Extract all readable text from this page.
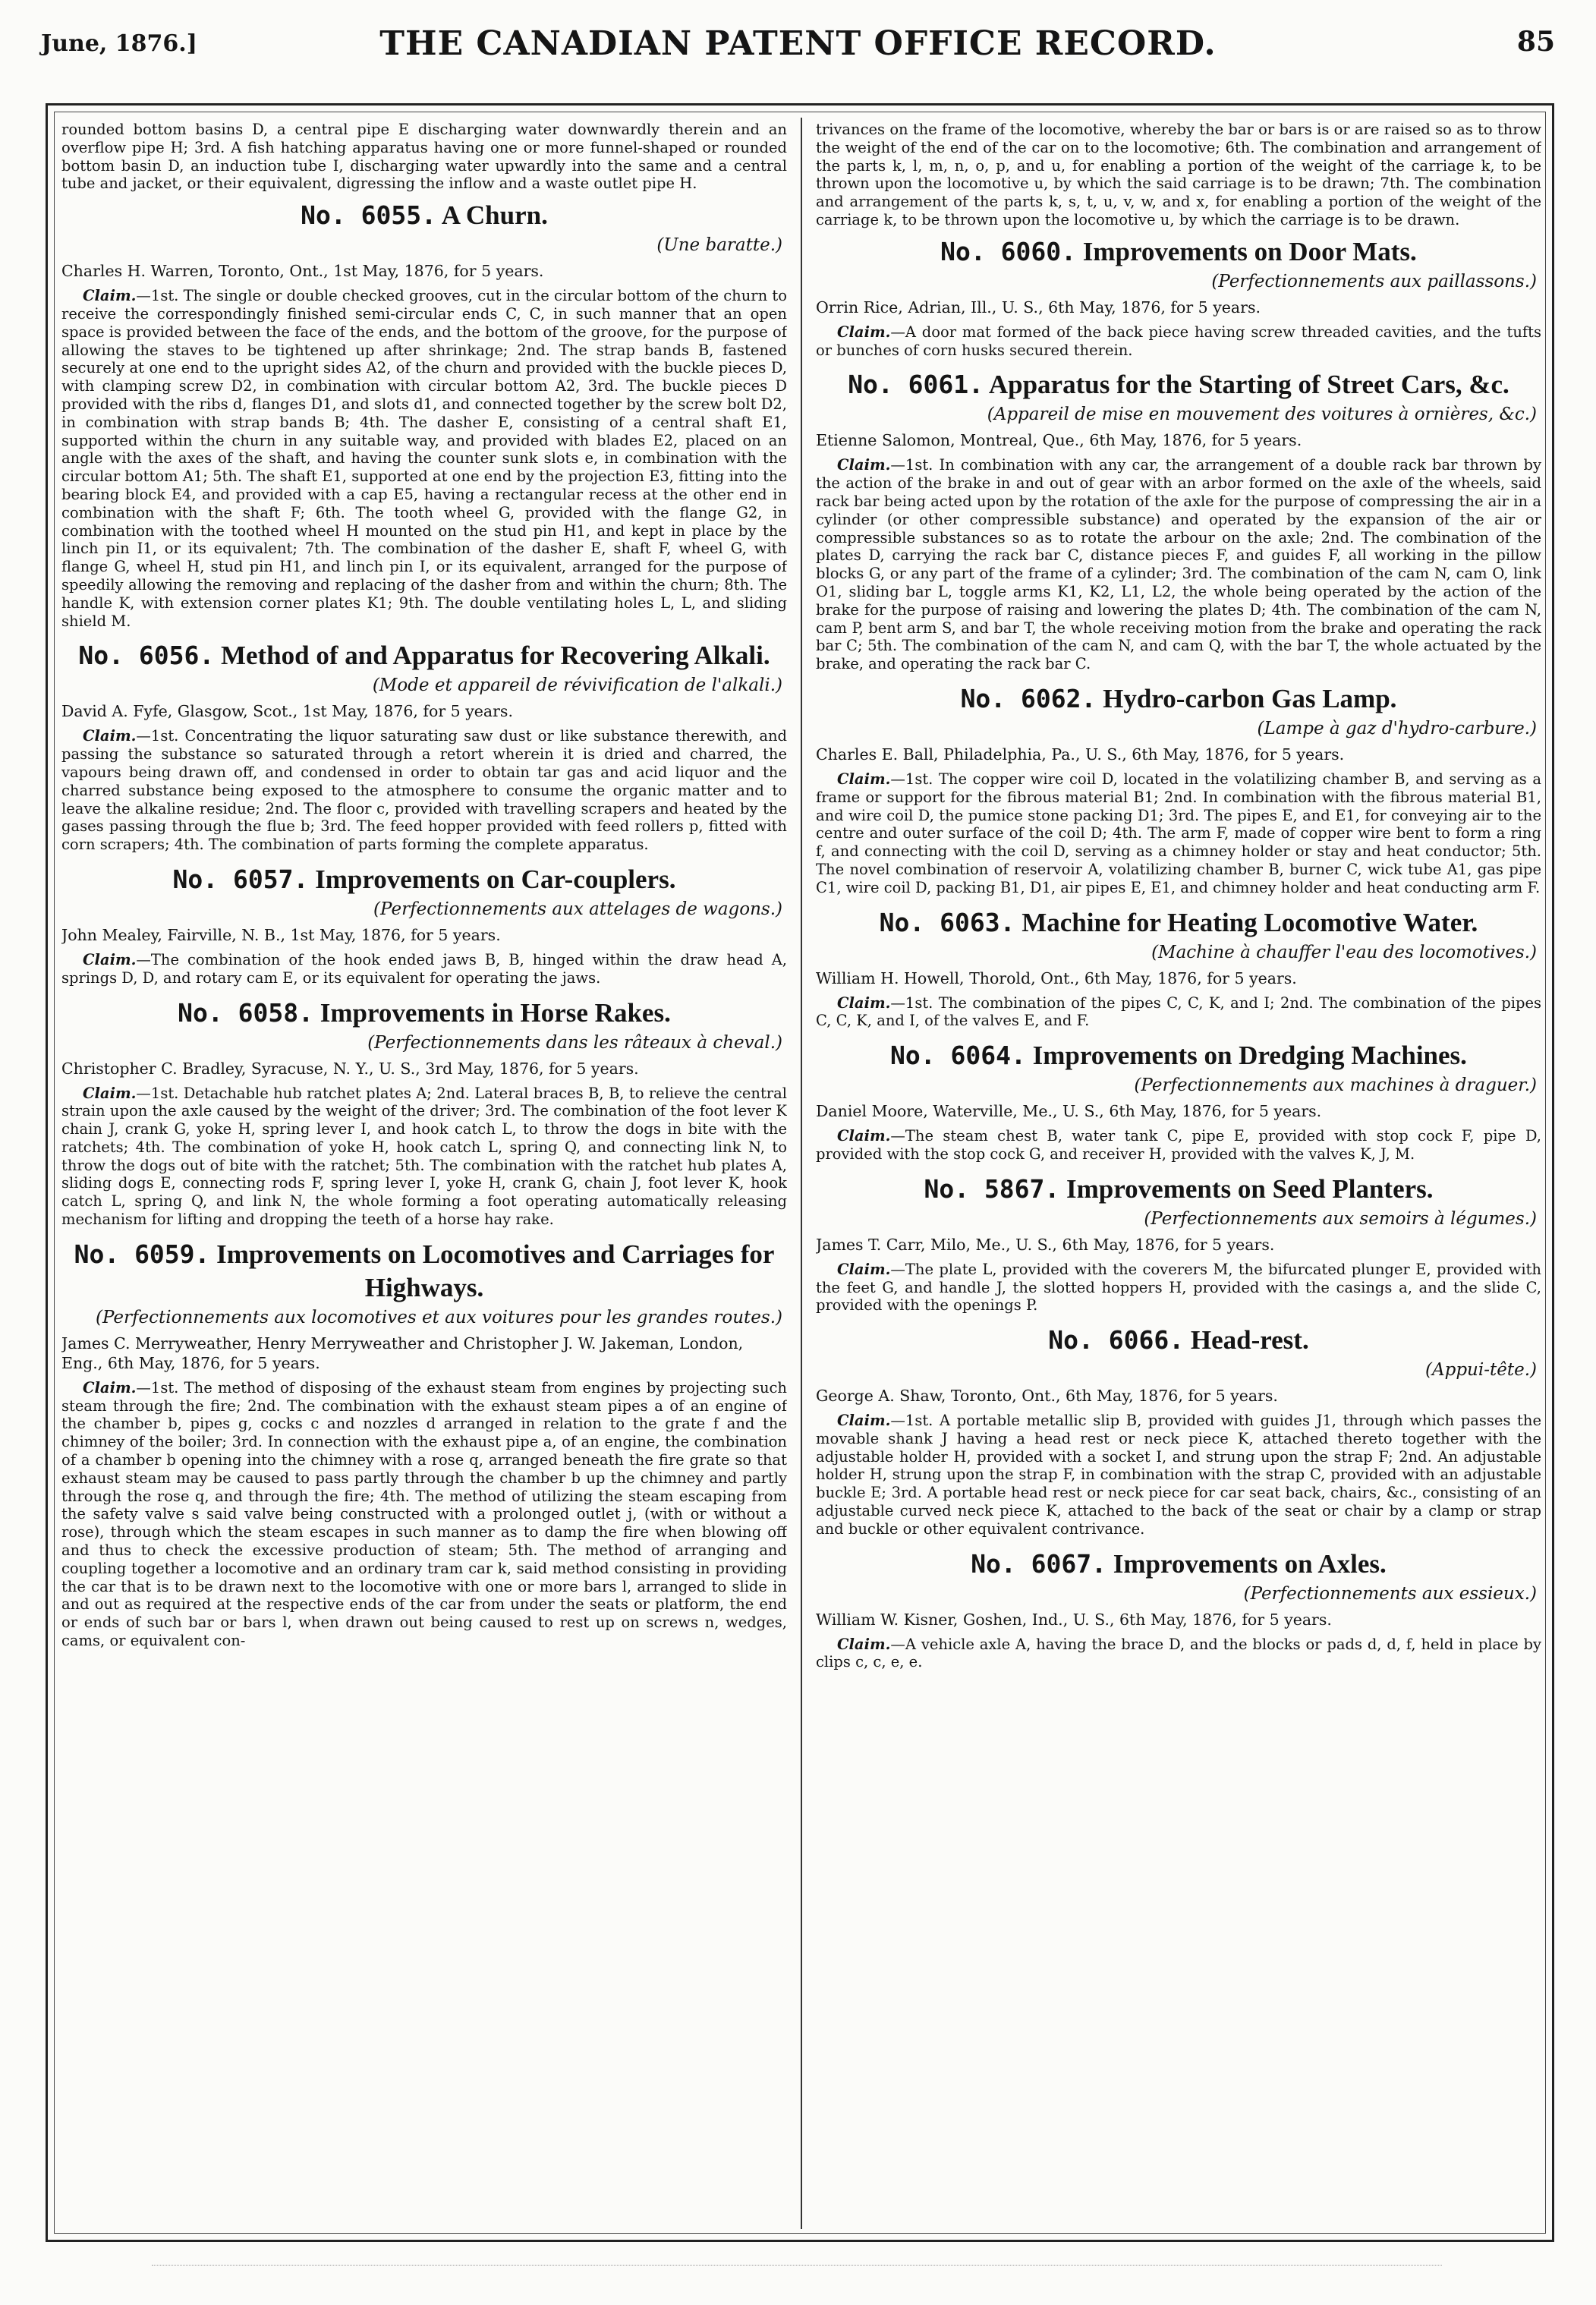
June, 1876.]	THE CANADIAN PATENT OFFICE RECORD.	85

rounded bottom basins D, a central pipe E discharging water downwardly therein and an overflow pipe H; 3rd. A fish hatching apparatus having one or more funnel-shaped or rounded bottom basin D, an induction tube I, discharging water upwardly into the same and a central tube and jacket, or their equivalent, digressing the inflow and a waste outlet pipe H.

No. 6055. A Churn.
(Une baratte.)
Charles H. Warren, Toronto, Ont., 1st May, 1876, for 5 years.

Claim.—1st. The single or double checked grooves, cut in the circular bottom of the churn to receive the correspondingly finished semi-circular ends C, C, in such manner that an open space is provided between the face of the ends, and the bottom of the groove, for the purpose of allowing the staves to be tightened up after shrinkage; 2nd. The strap bands B, fastened securely at one end to the upright sides A2, of the churn and provided with the buckle pieces D, with clamping screw D2, in combination with circular bottom A2, 3rd. The buckle pieces D provided with the ribs d, flanges D1, and slots d1, and connected together by the screw bolt D2, in combination with strap bands B; 4th. The dasher E, consisting of a central shaft E1, supported within the churn in any suitable way, and provided with blades E2, placed on an angle with the axes of the shaft, and having the counter sunk slots e, in combination with the circular bottom A1; 5th. The shaft E1, supported at one end by the projection E3, fitting into the bearing block E4, and provided with a cap E5, having a rectangular recess at the other end in combination with the shaft F; 6th. The tooth wheel G, provided with the flange G2, in combination with the toothed wheel H mounted on the stud pin H1, and kept in place by the linch pin I1, or its equivalent; 7th. The combination of the dasher E, shaft F, wheel G, with flange G, wheel H, stud pin H1, and linch pin I, or its equivalent, arranged for the purpose of speedily allowing the removing and replacing of the dasher from and within the churn; 8th. The handle K, with extension corner plates K1; 9th. The double ventilating holes L, L, and sliding shield M.

No. 6056. Method of and Apparatus for Recovering Alkali.
(Mode et appareil de révivification de l'alkali.)
David A. Fyfe, Glasgow, Scot., 1st May, 1876, for 5 years.

Claim.—1st. Concentrating the liquor saturating saw dust or like substance therewith, and passing the substance so saturated through a retort wherein it is dried and charred, the vapours being drawn off, and condensed in order to obtain tar gas and acid liquor and the charred substance being exposed to the atmosphere to consume the organic matter and to leave the alkaline residue; 2nd. The floor c, provided with travelling scrapers and heated by the gases passing through the flue b; 3rd. The feed hopper provided with feed rollers p, fitted with corn scrapers; 4th. The combination of parts forming the complete apparatus.

No. 6057. Improvements on Car-couplers.
(Perfectionnements aux attelages de wagons.)
John Mealey, Fairville, N. B., 1st May, 1876, for 5 years.

Claim.—The combination of the hook ended jaws B, B, hinged within the draw head A, springs D, D, and rotary cam E, or its equivalent for operating the jaws.

No. 6058. Improvements in Horse Rakes.
(Perfectionnements dans les râteaux à cheval.)
Christopher C. Bradley, Syracuse, N. Y., U. S., 3rd May, 1876, for 5 years.

Claim.—1st. Detachable hub ratchet plates A; 2nd. Lateral braces B, B, to relieve the central strain upon the axle caused by the weight of the driver; 3rd. The combination of the foot lever K chain J, crank G, yoke H, spring lever I, and hook catch L, to throw the dogs in bite with the ratchets; 4th. The combination of yoke H, hook catch L, spring Q, and connecting link N, to throw the dogs out of bite with the ratchet; 5th. The combination with the ratchet hub plates A, sliding dogs E, connecting rods F, spring lever I, yoke H, crank G, chain J, foot lever K, hook catch L, spring Q, and link N, the whole forming a foot operating automatically releasing mechanism for lifting and dropping the teeth of a horse hay rake.

No. 6059. Improvements on Locomotives and Carriages for Highways.
(Perfectionnements aux locomotives et aux voitures pour les grandes routes.)
James C. Merryweather, Henry Merryweather and Christopher J. W. Jakeman, London, Eng., 6th May, 1876, for 5 years.

Claim.—1st. The method of disposing of the exhaust steam from engines by projecting such steam through the fire; 2nd. The combination with the exhaust steam pipes a of an engine of the chamber b, pipes g, cocks c and nozzles d arranged in relation to the grate f and the chimney of the boiler; 3rd. In connection with the exhaust pipe a, of an engine, the combination of a chamber b opening into the chimney with a rose q, arranged beneath the fire grate so that exhaust steam may be caused to pass partly through the chamber b up the chimney and partly through the rose q, and through the fire; 4th. The method of utilizing the steam escaping from the safety valve s said valve being constructed with a prolonged outlet j, (with or without a rose), through which the steam escapes in such manner as to damp the fire when blowing off and thus to check the excessive production of steam; 5th. The method of arranging and coupling together a locomotive and an ordinary tram car k, said method consisting in providing the car that is to be drawn next to the locomotive with one or more bars l, arranged to slide in and out as required at the respective ends of the car from under the seats or platform, the end or ends of such bar or bars l, when drawn out being caused to rest up on screws n, wedges, cams, or equivalent con-

trivances on the frame of the locomotive, whereby the bar or bars is or are raised so as to throw the weight of the end of the car on to the locomotive; 6th. The combination and arrangement of the parts k, l, m, n, o, p, and u, for enabling a portion of the weight of the carriage k, to be thrown upon the locomotive u, by which the said carriage is to be drawn; 7th. The combination and arrangement of the parts k, s, t, u, v, w, and x, for enabling a portion of the weight of the carriage k, to be thrown upon the locomotive u, by which the carriage is to be drawn.

No. 6060. Improvements on Door Mats.
(Perfectionnements aux paillassons.)
Orrin Rice, Adrian, Ill., U. S., 6th May, 1876, for 5 years.

Claim.—A door mat formed of the back piece having screw threaded cavities, and the tufts or bunches of corn husks secured therein.

No. 6061. Apparatus for the Starting of Street Cars, &c.
(Appareil de mise en mouvement des voitures à ornières, &c.)
Etienne Salomon, Montreal, Que., 6th May, 1876, for 5 years.

Claim.—1st. In combination with any car, the arrangement of a double rack bar thrown by the action of the brake in and out of gear with an arbor formed on the axle of the wheels, said rack bar being acted upon by the rotation of the axle for the purpose of compressing the air in a cylinder (or other compressible substance) and operated by the expansion of the air or compressible substances so as to rotate the arbour on the axle; 2nd. The combination of the plates D, carrying the rack bar C, distance pieces F, and guides F, all working in the pillow blocks G, or any part of the frame of a cylinder; 3rd. The combination of the cam N, cam O, link O1, sliding bar L, toggle arms K1, K2, L1, L2, the whole being operated by the action of the brake for the purpose of raising and lowering the plates D; 4th. The combination of the cam N, cam P, bent arm S, and bar T, the whole receiving motion from the brake and operating the rack bar C; 5th. The combination of the cam N, and cam Q, with the bar T, the whole actuated by the brake, and operating the rack bar C.

No. 6062. Hydro-carbon Gas Lamp.
(Lampe à gaz d'hydro-carbure.)
Charles E. Ball, Philadelphia, Pa., U. S., 6th May, 1876, for 5 years.

Claim.—1st. The copper wire coil D, located in the volatilizing chamber B, and serving as a frame or support for the fibrous material B1; 2nd. In combination with the fibrous material B1, and wire coil D, the pumice stone packing D1; 3rd. The pipes E, and E1, for conveying air to the centre and outer surface of the coil D; 4th. The arm F, made of copper wire bent to form a ring f, and connecting with the coil D, serving as a chimney holder or stay and heat conductor; 5th. The novel combination of reservoir A, volatilizing chamber B, burner C, wick tube A1, gas pipe C1, wire coil D, packing B1, D1, air pipes E, E1, and chimney holder and heat conducting arm F.

No. 6063. Machine for Heating Locomotive Water.
(Machine à chauffer l'eau des locomotives.)
William H. Howell, Thorold, Ont., 6th May, 1876, for 5 years.

Claim.—1st. The combination of the pipes C, C, K, and I; 2nd. The combination of the pipes C, C, K, and I, of the valves E, and F.

No. 6064. Improvements on Dredging Machines.
(Perfectionnements aux machines à draguer.)
Daniel Moore, Waterville, Me., U. S., 6th May, 1876, for 5 years.

Claim.—The steam chest B, water tank C, pipe E, provided with stop cock F, pipe D, provided with the stop cock G, and receiver H, provided with the valves K, J, M.

No. 5867. Improvements on Seed Planters.
(Perfectionnements aux semoirs à légumes.)
James T. Carr, Milo, Me., U. S., 6th May, 1876, for 5 years.

Claim.—The plate L, provided with the coverers M, the bifurcated plunger E, provided with the feet G, and handle J, the slotted hoppers H, provided with the casings a, and the slide C, provided with the openings P.

No. 6066. Head-rest.
(Appui-tête.)
George A. Shaw, Toronto, Ont., 6th May, 1876, for 5 years.

Claim.—1st. A portable metallic slip B, provided with guides J1, through which passes the movable shank J having a head rest or neck piece K, attached thereto together with the adjustable holder H, provided with a socket I, and strung upon the strap F; 2nd. An adjustable holder H, strung upon the strap F, in combination with the strap C, provided with an adjustable buckle E; 3rd. A portable head rest or neck piece for car seat back, chairs, &c., consisting of an adjustable curved neck piece K, attached to the back of the seat or chair by a clamp or strap and buckle or other equivalent contrivance.

No. 6067. Improvements on Axles.
(Perfectionnements aux essieux.)
William W. Kisner, Goshen, Ind., U. S., 6th May, 1876, for 5 years.

Claim.—A vehicle axle A, having the brace D, and the blocks or pads d, d, f, held in place by clips c, c, e, e.
